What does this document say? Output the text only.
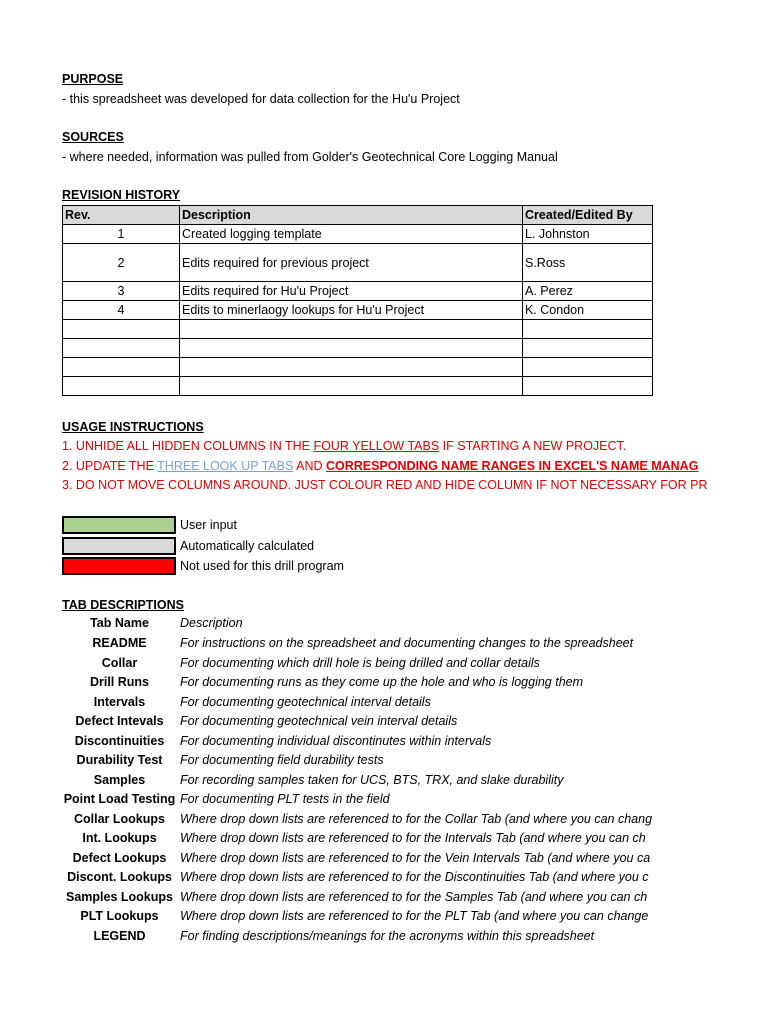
PURPOSE
- this spreadsheet was developed for data collection for the Hu'u Project
SOURCES
- where needed, information was pulled from Golder's Geotechnical Core Logging Manual
REVISION HISTORY
Rev.	Description	Created/Edited By
1	Created logging template	L. Johnston
2	Edits required for previous project	S.Ross
3	Edits required for Hu'u Project	A. Perez
4	Edits to minerlaogy lookups for Hu'u Project	K. Condon

USAGE INSTRUCTIONS
1. UNHIDE ALL HIDDEN COLUMNS IN THE FOUR YELLOW TABS IF STARTING A NEW PROJECT.
2. UPDATE THE THREE LOOK UP TABS AND CORRESPONDING NAME RANGES IN EXCEL'S NAME MANAG
3. DO NOT MOVE COLUMNS AROUND. JUST COLOUR RED AND HIDE COLUMN IF NOT NECESSARY FOR PR
User input
Automatically calculated
Not used for this drill program
TAB DESCRIPTIONS
Tab Name	Description
README	For instructions on the spreadsheet and documenting changes to the spreadsheet
Collar	For documenting which drill hole is being drilled and collar details
Drill Runs	For documenting runs as they come up the hole and who is logging them
Intervals	For documenting geotechnical interval details
Defect Intevals	For documenting geotechnical vein interval details
Discontinuities	For documenting individual discontinutes within intervals
Durability Test	For documenting field durability tests
Samples	For recording samples taken for UCS, BTS, TRX, and slake durability
Point Load Testing For documenting PLT tests in the field
Collar Lookups	Where drop down lists are referenced to for the Collar Tab (and where you can chang
Int. Lookups	Where drop down lists are referenced to for the Intervals Tab (and where you can ch
Defect Lookups	Where drop down lists are referenced to for the Vein Intervals Tab (and where you ca
Discont. Lookups Where drop down lists are referenced to for the Discontinuities Tab (and where you c
Samples Lookups Where drop down lists are referenced to for the Samples Tab (and where you can ch
PLT Lookups	Where drop down lists are referenced to for the PLT Tab (and where you can change
LEGEND	For finding descriptions/meanings for the acronyms within this spreadsheet
